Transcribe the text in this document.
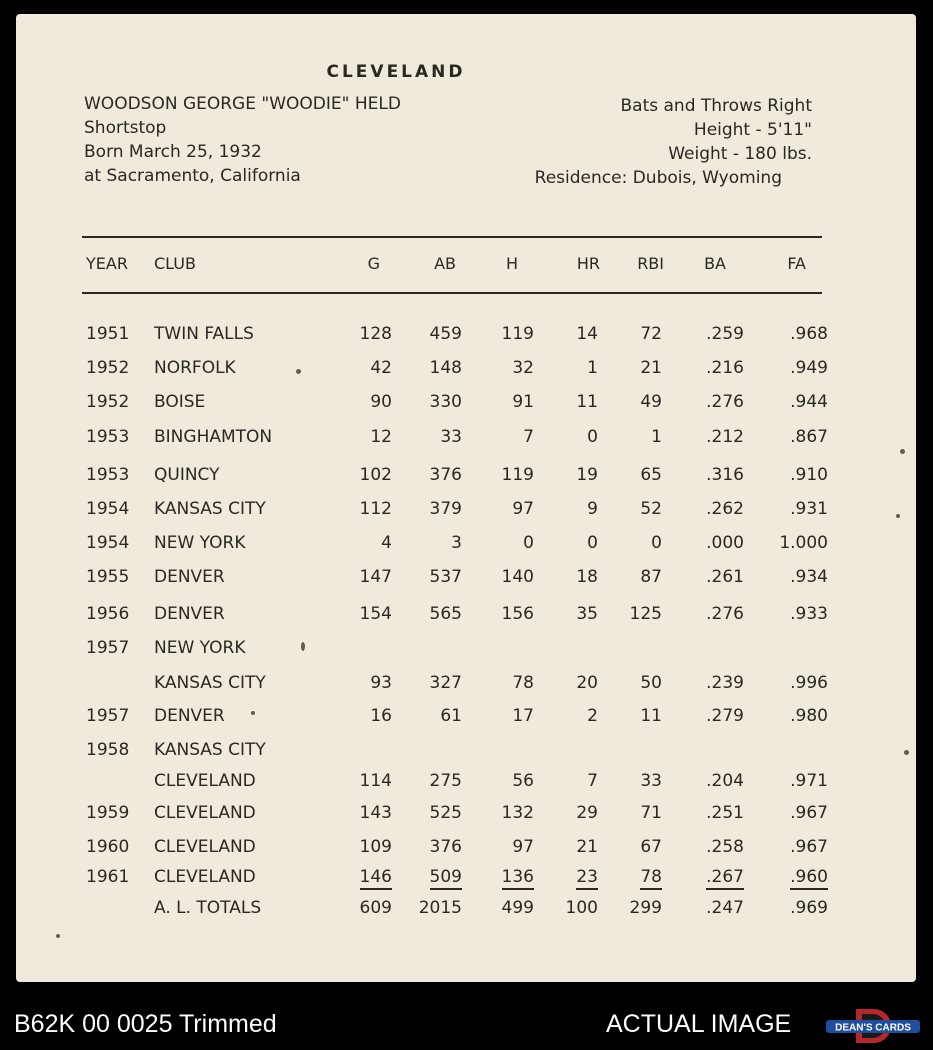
CLEVELAND
WOODSON GEORGE "WOODIE" HELD
Shortstop
Born March 25, 1932
at Sacramento, California
Bats and Throws Right
Height - 5'11"
Weight - 180 lbs.
Residence: Dubois, Wyoming
YEAR CLUB	G	AB	H	HR	RBI	BA	FA
1951 TWIN FALLS	128	459	119	14	72	.259	.968
1952 NORFOLK	42	148	32	1	21	.216	.949
1952 BOISE	90	330	91	11	49	.276	.944
1953 BINGHAMTON	12	33	7	0	1	.212	.867
1953 QUINCY	102	376	119	19	65	.316	.910
1954 KANSAS CITY	112	379	97	9	52	.262	.931
1954 NEW YORK	4	3	0	0	0	.000	1.000
1955 DENVER	147	537	140	18	87	.261	.934
1956 DENVER	154	565	156	35	125	.276	.933
1957 NEW YORK
KANSAS CITY	93	327	78	20	50	.239	.996
1957 DENVER	16	61	17	2	11	.279	.980
1958 KANSAS CITY
CLEVELAND	114	275	56	7	33	.204	.971
1959 CLEVELAND	143	525	132	29	71	.251	.967
1960 CLEVELAND	109	376	97	21	67	.258	.967
1961 CLEVELAND	146	509	136	23	78	.267	.960
A. L. TOTALS	609	2015	499	100	299	.247	.969
B62K 00 0025 Trimmed	ACTUAL IMAGE	DEAN'S CARDS
